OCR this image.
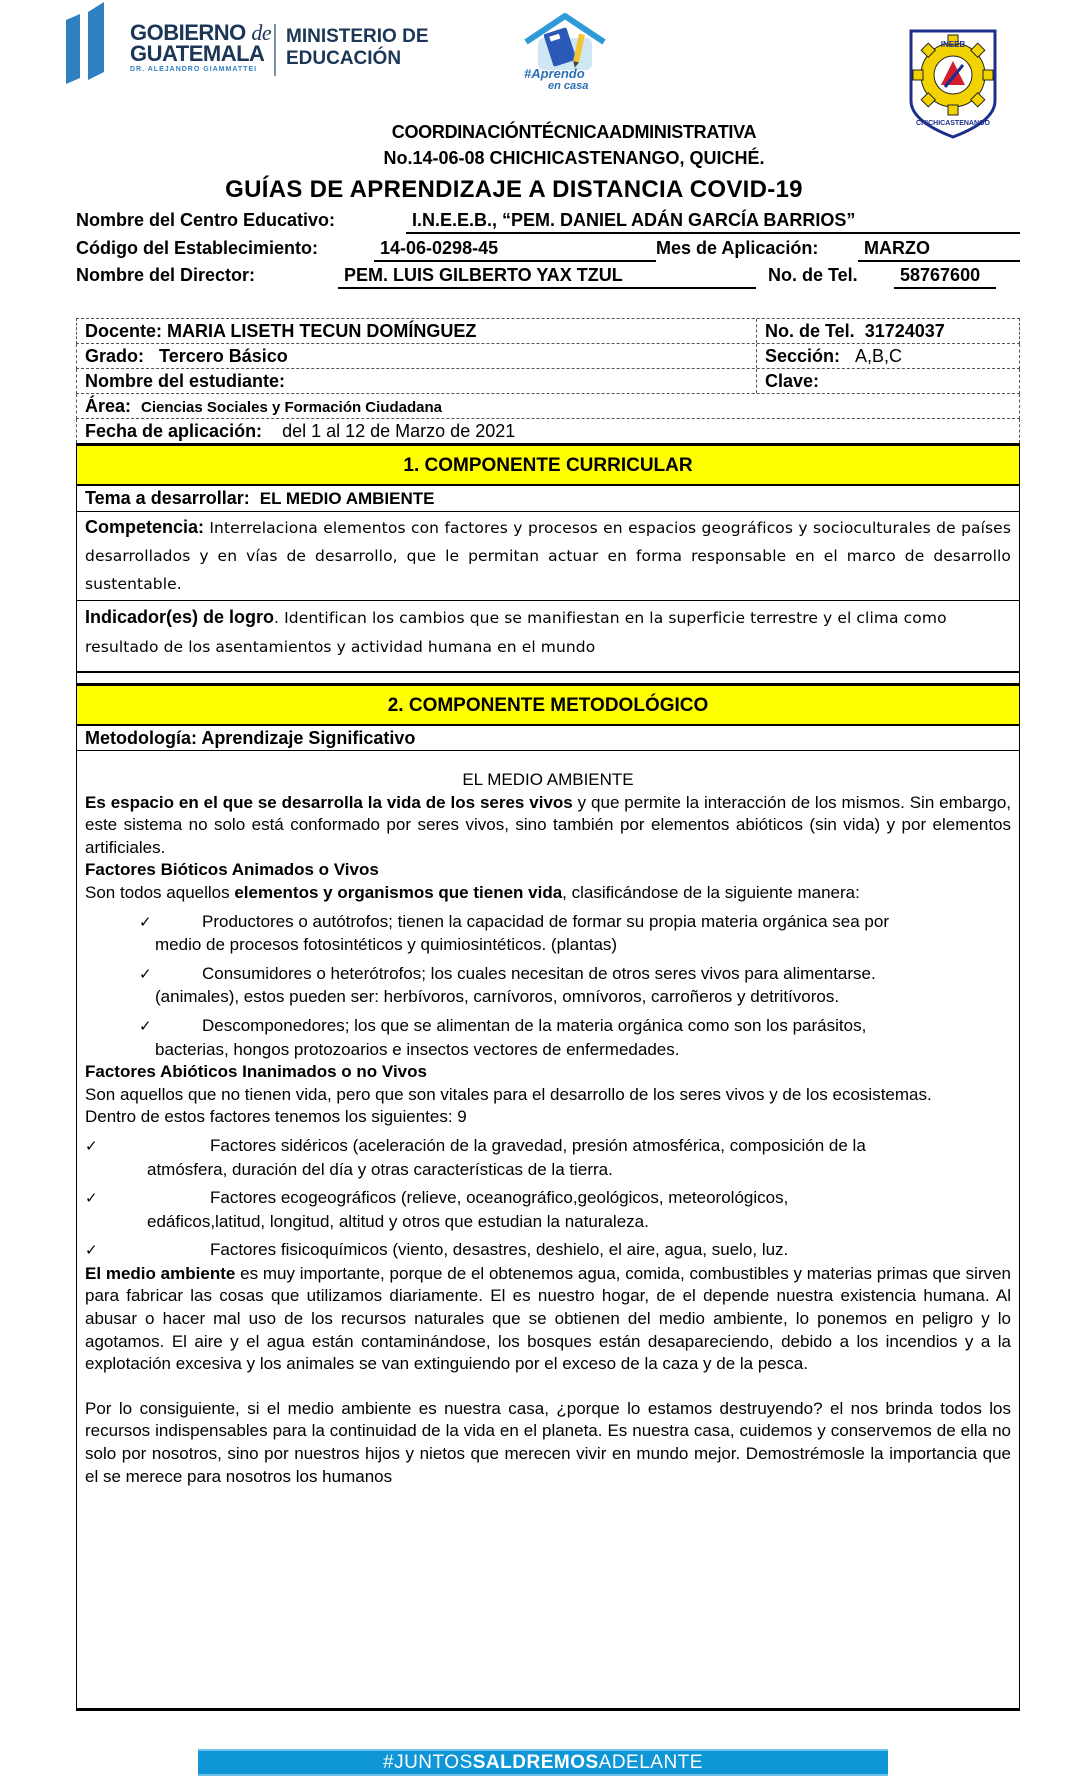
GOBIERNO de
GUATEMALA
DR. ALEJANDRO GIAMMATTEI
MINISTERIO DE
EDUCACIÓN
#Aprendo
en casa
INEEB
CHICHICASTENANGO
COORDINACIÓNTÉCNICAADMINISTRATIVA
No.14-06-08 CHICHICASTENANGO, QUICHÉ.
GUÍAS DE APRENDIZAJE A DISTANCIA COVID-19
Nombre del Centro Educativo:	I.N.E.E.B., “PEM. DANIEL ADÁN GARCÍA BARRIOS”
Código del Establecimiento:	14-06-0298-45	Mes de Aplicación:	MARZO
Nombre del Director:	PEM. LUIS GILBERTO YAX TZUL	No. de Tel.	58767600
Docente: MARIA LISETH TECUN DOMÍNGUEZ	No. de Tel. 31724037
Grado: Tercero Básico	Sección: A,B,C
Nombre del estudiante:	Clave:
Área: Ciencias Sociales y Formación Ciudadana
Fecha de aplicación: del 1 al 12 de Marzo de 2021
1. COMPONENTE CURRICULAR
Tema a desarrollar: EL MEDIO AMBIENTE
Competencia: Interrelaciona elementos con factores y procesos en espacios geográficos y socioculturales de países desarrollados y en vías de desarrollo, que le permitan actuar en forma responsable en el marco de desarrollo sustentable.
Indicador(es) de logro. Identifican los cambios que se manifiestan en la superficie terrestre y el clima como resultado de los asentamientos y actividad humana en el mundo
2. COMPONENTE METODOLÓGICO
Metodología: Aprendizaje Significativo
EL MEDIO AMBIENTE

Es espacio en el que se desarrolla la vida de los seres vivos y que permite la interacción de los mismos. Sin embargo, este sistema no solo está conformado por seres vivos, sino también por elementos abióticos (sin vida) y por elementos artificiales.

Factores Bióticos Animados o Vivos

Son todos aquellos elementos y organismos que tienen vida, clasificándose de la siguiente manera:

✓	Productores o autótrofos; tienen la capacidad de formar su propia materia orgánica sea por
medio de procesos fotosintéticos y quimiosintéticos. (plantas)
✓	Consumidores o heterótrofos; los cuales necesitan de otros seres vivos para alimentarse.
(animales), estos pueden ser: herbívoros, carnívoros, omnívoros, carroñeros y detritívoros.
✓	Descomponedores; los que se alimentan de la materia orgánica como son los parásitos,
bacterias, hongos protozoarios e insectos vectores de enfermedades.

Factores Abióticos Inanimados o no Vivos

Son aquellos que no tienen vida, pero que son vitales para el desarrollo de los seres vivos y de los ecosistemas.

Dentro de estos factores tenemos los siguientes: 9

✓	Factores sidéricos (aceleración de la gravedad, presión atmosférica, composición de la
atmósfera, duración del día y otras características de la tierra.
✓	Factores ecogeográficos (relieve, oceanográfico,geológicos, meteorológicos,
edáficos,latitud, longitud, altitud y otros que estudian la naturaleza.
✓	Factores fisicoquímicos (viento, desastres, deshielo, el aire, agua, suelo, luz.

El medio ambiente es muy importante, porque de el obtenemos agua, comida, combustibles y materias primas que sirven para fabricar las cosas que utilizamos diariamente. El es nuestro hogar, de el depende nuestra existencia humana. Al abusar o hacer mal uso de los recursos naturales que se obtienen del medio ambiente, lo ponemos en peligro y lo agotamos. El aire y el agua están contaminándose, los bosques están desapareciendo, debido a los incendios y a la explotación excesiva y los animales se van extinguiendo por el exceso de la caza y de la pesca.

Por lo consiguiente, si el medio ambiente es nuestra casa, ¿porque lo estamos destruyendo? el nos brinda todos los recursos indispensables para la continuidad de la vida en el planeta. Es nuestra casa, cuidemos y conservemos de ella no solo por nosotros, sino por nuestros hijos y nietos que merecen vivir en mundo mejor. Demostrémosle la importancia que el se merece para nosotros los humanos

#JUNTOSSALDREMOSADELANTE
